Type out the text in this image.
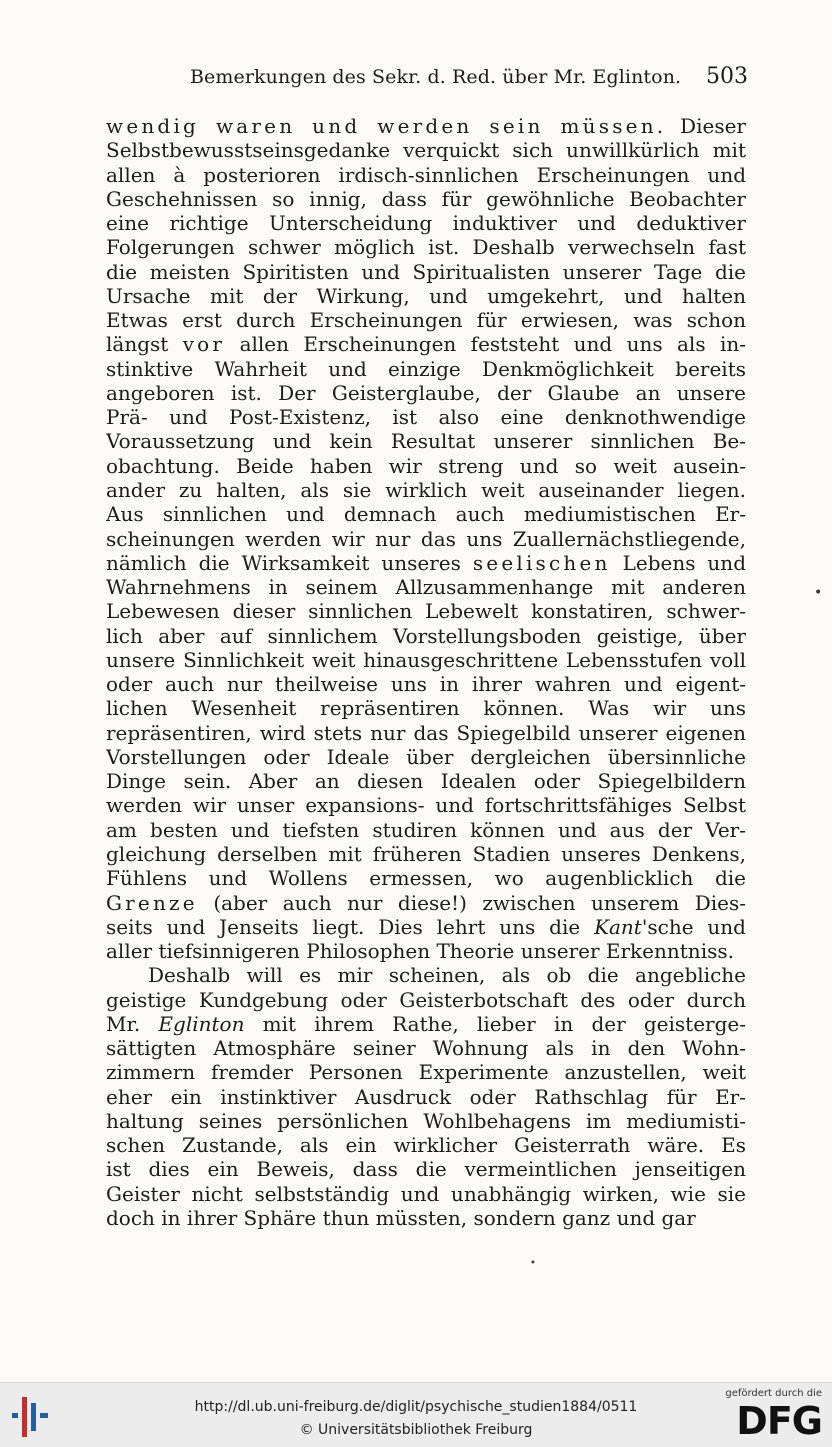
Bemerkungen des Sekr. d. Red. über Mr. Eglinton. 503
wendig waren und werden sein müssen. Dieser
Selbstbewusstseinsgedanke verquickt sich unwillkürlich mit
allen à posterioren irdisch-sinnlichen Erscheinungen und
Geschehnissen so innig, dass für gewöhnliche Beobachter
eine richtige Unterscheidung induktiver und deduktiver
Folgerungen schwer möglich ist. Deshalb verwechseln fast
die meisten Spiritisten und Spiritualisten unserer Tage die
Ursache mit der Wirkung, und umgekehrt, und halten
Etwas erst durch Erscheinungen für erwiesen, was schon
längst vor allen Erscheinungen feststeht und uns als in-
stinktive Wahrheit und einzige Denkmöglichkeit bereits
angeboren ist. Der Geisterglaube, der Glaube an unsere
Prä- und Post-Existenz, ist also eine denknothwendige
Voraussetzung und kein Resultat unserer sinnlichen Be-
obachtung. Beide haben wir streng und so weit ausein-
ander zu halten, als sie wirklich weit auseinander liegen.
Aus sinnlichen und demnach auch mediumistischen Er-
scheinungen werden wir nur das uns Zuallernächstliegende,
nämlich die Wirksamkeit unseres seelischen Lebens und
Wahrnehmens in seinem Allzusammenhange mit anderen
Lebewesen dieser sinnlichen Lebewelt konstatiren, schwer-
lich aber auf sinnlichem Vorstellungsboden geistige, über
unsere Sinnlichkeit weit hinausgeschrittene Lebensstufen voll
oder auch nur theilweise uns in ihrer wahren und eigent-
lichen Wesenheit repräsentiren können. Was wir uns
repräsentiren, wird stets nur das Spiegelbild unserer eigenen
Vorstellungen oder Ideale über dergleichen übersinnliche
Dinge sein. Aber an diesen Idealen oder Spiegelbildern
werden wir unser expansions- und fortschrittsfähiges Selbst
am besten und tiefsten studiren können und aus der Ver-
gleichung derselben mit früheren Stadien unseres Denkens,
Fühlens und Wollens ermessen, wo augenblicklich die
Grenze (aber auch nur diese!) zwischen unserem Dies-
seits und Jenseits liegt. Dies lehrt uns die Kant'sche und
aller tiefsinnigeren Philosophen Theorie unserer Erkenntniss.
Deshalb will es mir scheinen, als ob die angebliche
geistige Kundgebung oder Geisterbotschaft des oder durch
Mr. Eglinton mit ihrem Rathe, lieber in der geisterge-
sättigten Atmosphäre seiner Wohnung als in den Wohn-
zimmern fremder Personen Experimente anzustellen, weit
eher ein instinktiver Ausdruck oder Rathschlag für Er-
haltung seines persönlichen Wohlbehagens im mediumisti-
schen Zustande, als ein wirklicher Geisterrath wäre. Es
ist dies ein Beweis, dass die vermeintlichen jenseitigen
Geister nicht selbstständig und unabhängig wirken, wie sie
doch in ihrer Sphäre thun müssten, sondern ganz und gar
•
•
http://dl.ub.uni-freiburg.de/diglit/psychische_studien1884/0511
© Universitätsbibliothek Freiburg
gefördert durch die
DFG
